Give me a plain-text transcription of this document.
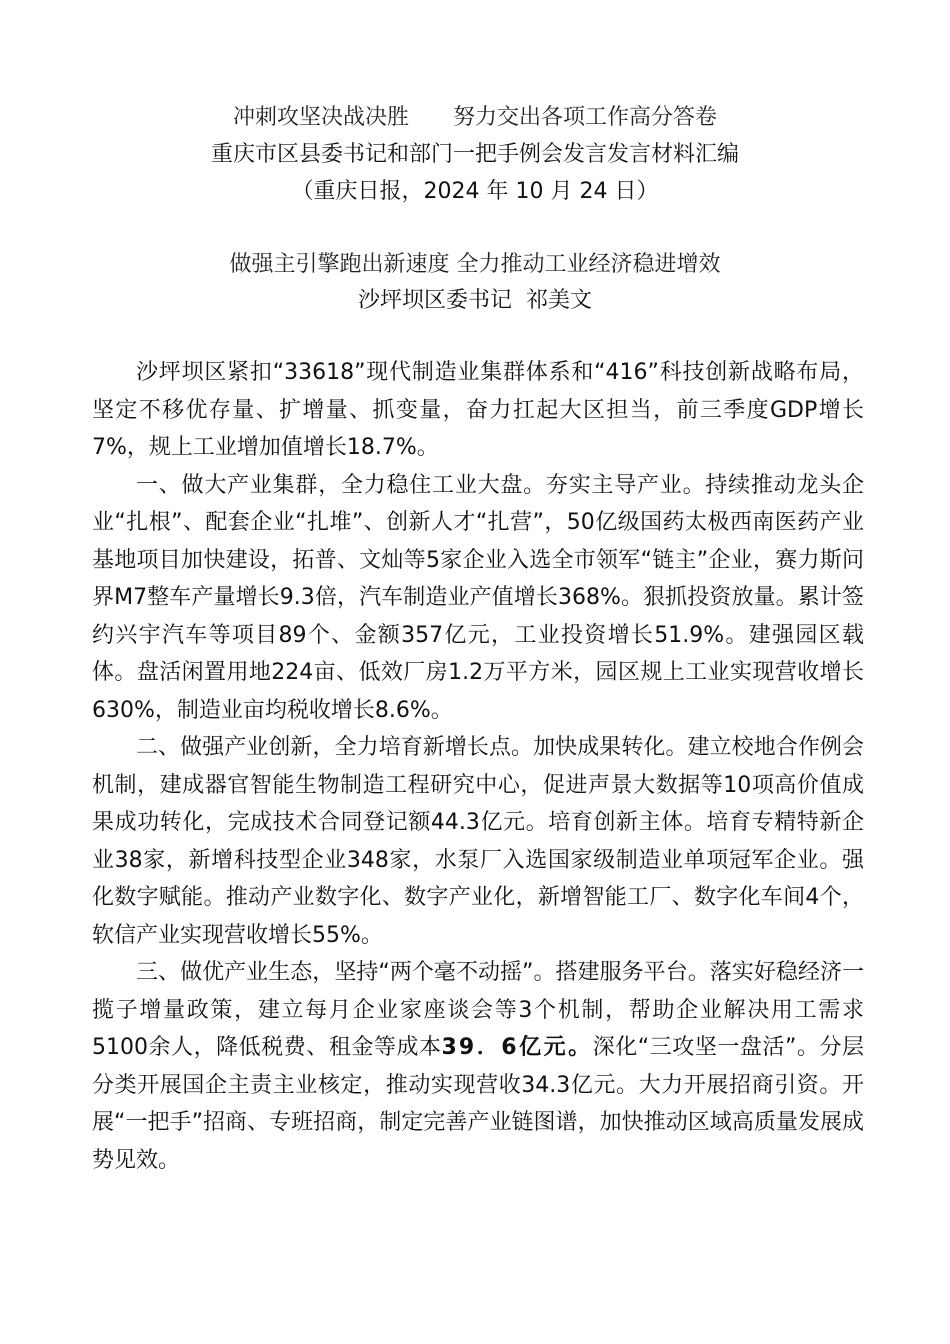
冲刺攻坚决战决胜 努力交出各项工作高分答卷
重庆市区县委书记和部门一把手例会发言发言材料汇编
（重庆日报，2024 年 10 月 24 日）
做强主引擎跑出新速度 全力推动工业经济稳进增效
沙坪坝区委书记 祁美文

沙坪坝区紧扣“33618”现代制造业集群体系和“416”科技创新战略布局，坚定不移优存量、扩增量、抓变量，奋力扛起大区担当，前三季度GDP增长7%，规上工业增加值增长18.7%。

一、做大产业集群，全力稳住工业大盘。夯实主导产业。持续推动龙头企业“扎根”、配套企业“扎堆”、创新人才“扎营”，50亿级国药太极西南医药产业基地项目加快建设，拓普、文灿等5家企业入选全市领军“链主”企业，赛力斯问界M7整车产量增长9.3倍，汽车制造业产值增长368%。狠抓投资放量。累计签约兴宇汽车等项目89个、金额357亿元，工业投资增长51.9%。建强园区载体。盘活闲置用地224亩、低效厂房1.2万平方米，园区规上工业实现营收增长630%，制造业亩均税收增长8.6%。

二、做强产业创新，全力培育新增长点。加快成果转化。建立校地合作例会机制，建成器官智能生物制造工程研究中心，促进声景大数据等10项高价值成果成功转化，完成技术合同登记额44.3亿元。培育创新主体。培育专精特新企业38家，新增科技型企业348家，水泵厂入选国家级制造业单项冠军企业。强化数字赋能。推动产业数字化、数字产业化，新增智能工厂、数字化车间4个，软信产业实现营收增长55%。

三、做优产业生态，坚持“两个毫不动摇”。搭建服务平台。落实好稳经济一揽子增量政策，建立每月企业家座谈会等3个机制，帮助企业解决用工需求5100余人，降低税费、租金等成本39．6亿元。深化“三攻坚一盘活”。分层分类开展国企主责主业核定，推动实现营收34.3亿元。大力开展招商引资。开展“一把手”招商、专班招商，制定完善产业链图谱，加快推动区域高质量发展成势见效。
